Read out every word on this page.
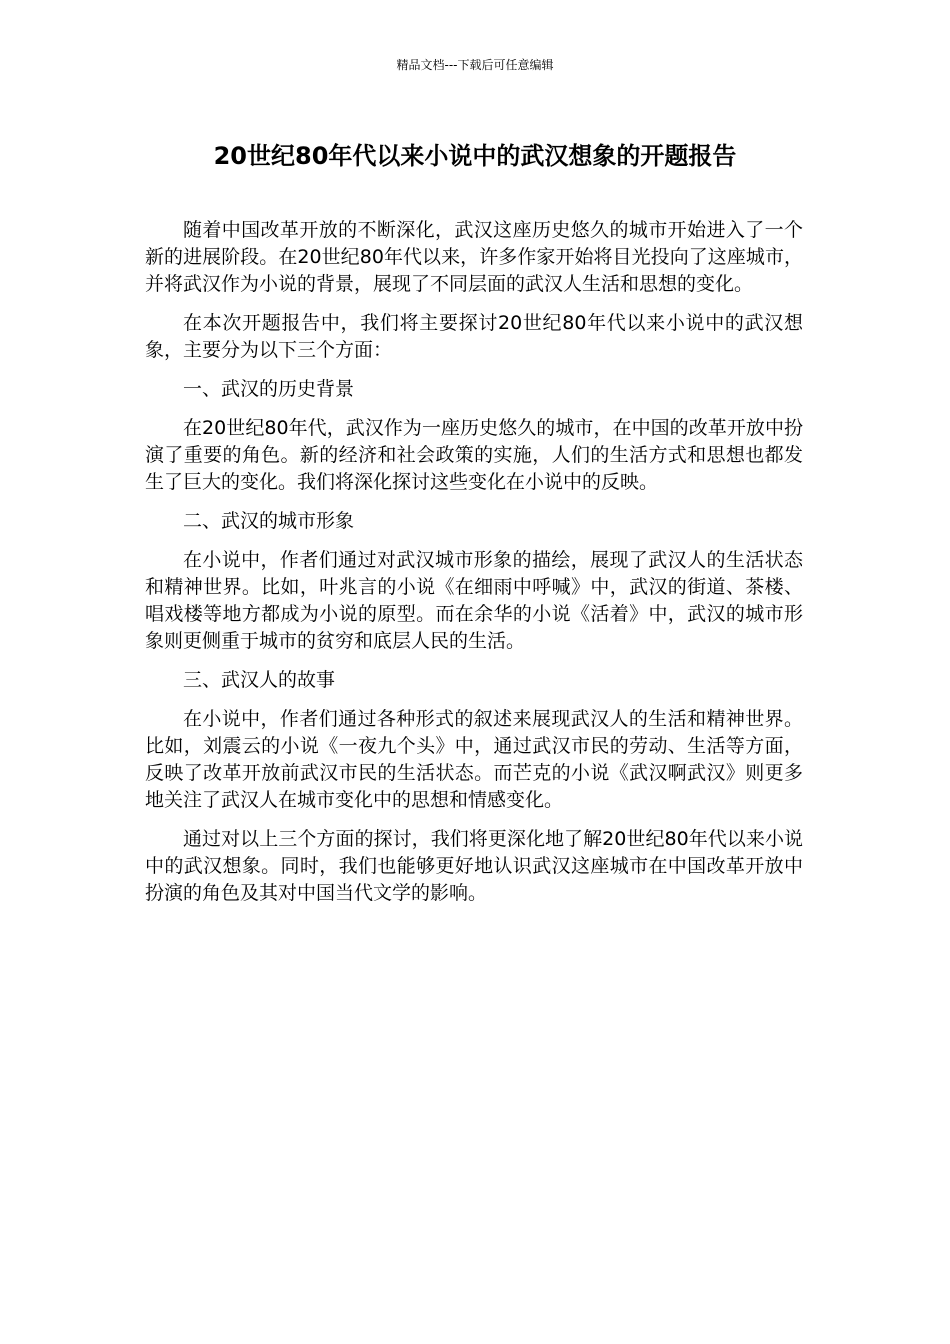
精品文档---下载后可任意编辑
20世纪80年代以来小说中的武汉想象的开题报告

随着中国改革开放的不断深化，武汉这座历史悠久的城市开始进入了一个新的进展阶段。在20世纪80年代以来，许多作家开始将目光投向了这座城市，并将武汉作为小说的背景，展现了不同层面的武汉人生活和思想的变化。

在本次开题报告中，我们将主要探讨20世纪80年代以来小说中的武汉想象，主要分为以下三个方面：

一、武汉的历史背景

在20世纪80年代，武汉作为一座历史悠久的城市，在中国的改革开放中扮演了重要的角色。新的经济和社会政策的实施，人们的生活方式和思想也都发生了巨大的变化。我们将深化探讨这些变化在小说中的反映。

二、武汉的城市形象

在小说中，作者们通过对武汉城市形象的描绘，展现了武汉人的生活状态和精神世界。比如，叶兆言的小说《在细雨中呼喊》中，武汉的街道、茶楼、唱戏楼等地方都成为小说的原型。而在余华的小说《活着》中，武汉的城市形象则更侧重于城市的贫穷和底层人民的生活。

三、武汉人的故事

在小说中，作者们通过各种形式的叙述来展现武汉人的生活和精神世界。比如，刘震云的小说《一夜九个头》中，通过武汉市民的劳动、生活等方面，反映了改革开放前武汉市民的生活状态。而芒克的小说《武汉啊武汉》则更多地关注了武汉人在城市变化中的思想和情感变化。

通过对以上三个方面的探讨，我们将更深化地了解20世纪80年代以来小说中的武汉想象。同时，我们也能够更好地认识武汉这座城市在中国改革开放中扮演的角色及其对中国当代文学的影响。
